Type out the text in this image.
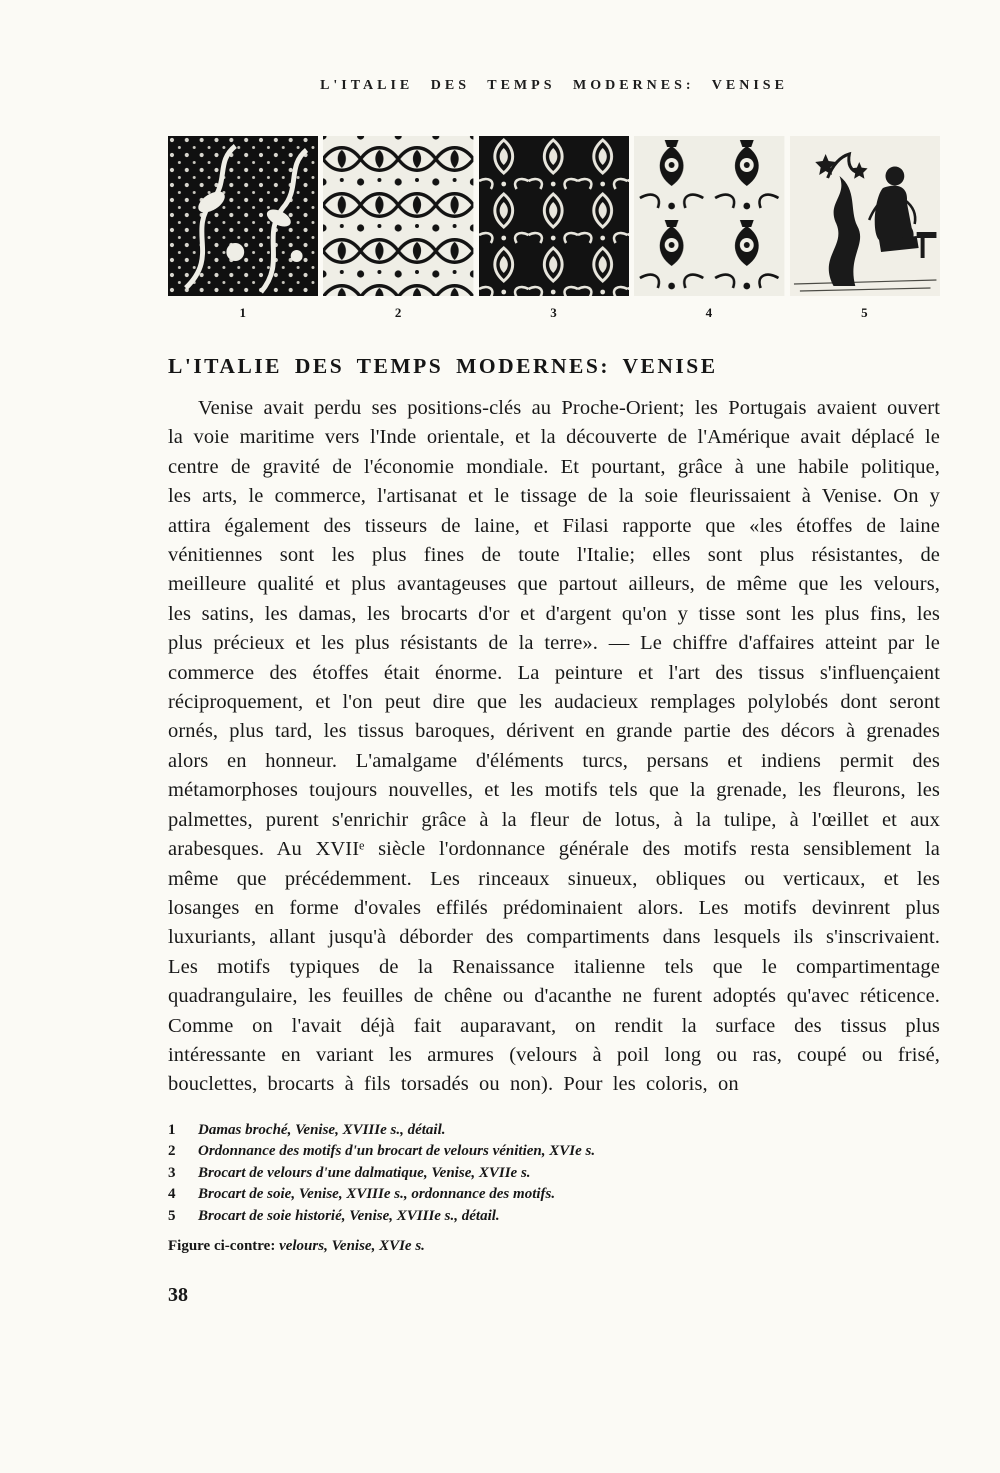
L'ITALIE DES TEMPS MODERNES: VENISE
1	2	3	4	5
L'ITALIE DES TEMPS MODERNES: VENISE

Venise avait perdu ses positions-clés au Proche-Orient; les Portugais avaient ouvert la voie maritime vers l'Inde orientale, et la découverte de l'Amérique avait déplacé le centre de gravité de l'économie mondiale. Et pourtant, grâce à une habile politique, les arts, le commerce, l'artisanat et le tissage de la soie fleurissaient à Venise. On y attira également des tisseurs de laine, et Filasi rapporte que «les étoffes de laine vénitiennes sont les plus fines de toute l'Italie; elles sont plus résistantes, de meilleure qualité et plus avantageuses que partout ailleurs, de même que les velours, les satins, les damas, les brocarts d'or et d'argent qu'on y tisse sont les plus fins, les plus précieux et les plus résistants de la terre». — Le chiffre d'affaires atteint par le commerce des étoffes était énorme. La peinture et l'art des tissus s'influençaient réciproquement, et l'on peut dire que les audacieux remplages polylobés dont seront ornés, plus tard, les tissus baroques, dérivent en grande partie des décors à grenades alors en honneur. L'amalgame d'éléments turcs, persans et indiens permit des métamorphoses toujours nouvelles, et les motifs tels que la grenade, les fleurons, les palmettes, purent s'enrichir grâce à la fleur de lotus, à la tulipe, à l'œillet et aux arabesques. Au XVIIᵉ siècle l'ordonnance générale des motifs resta sensiblement la même que précédemment. Les rinceaux sinueux, obliques ou verticaux, et les losanges en forme d'ovales effilés prédominaient alors. Les motifs devinrent plus luxuriants, allant jusqu'à déborder des compartiments dans lesquels ils s'inscrivaient. Les motifs typiques de la Renaissance italienne tels que le compartimentage quadrangulaire, les feuilles de chêne ou d'acanthe ne furent adoptés qu'avec réticence. Comme on l'avait déjà fait auparavant, on rendit la surface des tissus plus intéressante en variant les armures (velours à poil long ou ras, coupé ou frisé, bouclettes, brocarts à fils torsadés ou non). Pour les coloris, on

1	Damas broché, Venise, XVIIIe s., détail.
2	Ordonnance des motifs d'un brocart de velours vénitien, XVIe s.
3	Brocart de velours d'une dalmatique, Venise, XVIIe s.
4	Brocart de soie, Venise, XVIIIe s., ordonnance des motifs.
5	Brocart de soie historié, Venise, XVIIIe s., détail.
Figure ci-contre: velours, Venise, XVIe s.
38
